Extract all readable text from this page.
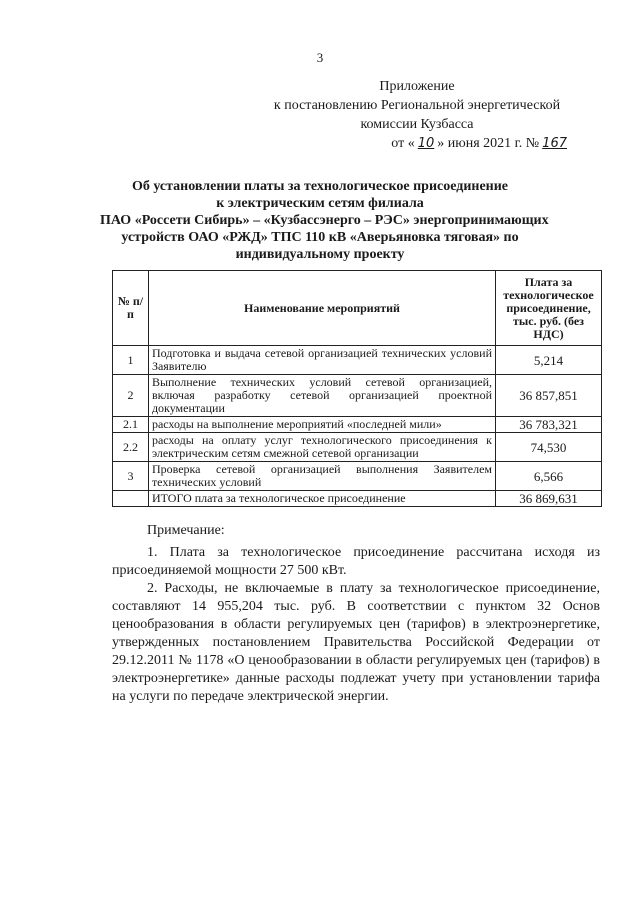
3
Приложение
к постановлению Региональной энергетической
комиссии Кузбасса
от « 10 » июня 2021 г. № 167
Об установлении платы за технологическое присоединение
к электрическим сетям филиала
ПАО «Россети Сибирь» – «Кузбассэнерго – РЭС» энергопринимающих
устройств ОАО «РЖД» ТПС 110 кВ «Аверьяновка тяговая» по
индивидуальному проекту
№ п/п	Наименование мероприятий	Плата за технологическое присоединение, тыс. руб. (без НДС)
1	Подготовка и выдача сетевой организацией технических условий Заявителю	5,214
2	Выполнение технических условий сетевой организацией, включая разработку сетевой организацией проектной документации	36 857,851
2.1	расходы на выполнение мероприятий «последней мили»	36 783,321
2.2	расходы на оплату услуг технологического присоединения к электрическим сетям смежной сетевой организации	74,530
3	Проверка сетевой организацией выполнения Заявителем технических условий	6,566
	ИТОГО плата за технологическое присоединение	36 869,631

Примечание:

1. Плата за технологическое присоединение рассчитана исходя из присоединяемой мощности 27 500 кВт.

2. Расходы, не включаемые в плату за технологическое присоединение, составляют 14 955,204 тыс. руб. В соответствии с пунктом 32 Основ ценообразования в области регулируемых цен (тарифов) в электроэнергетике, утвержденных постановлением Правительства Российской Федерации от 29.12.2011 № 1178 «О ценообразовании в области регулируемых цен (тарифов) в электроэнергетике» данные расходы подлежат учету при установлении тарифа на услуги по передаче электрической энергии.
